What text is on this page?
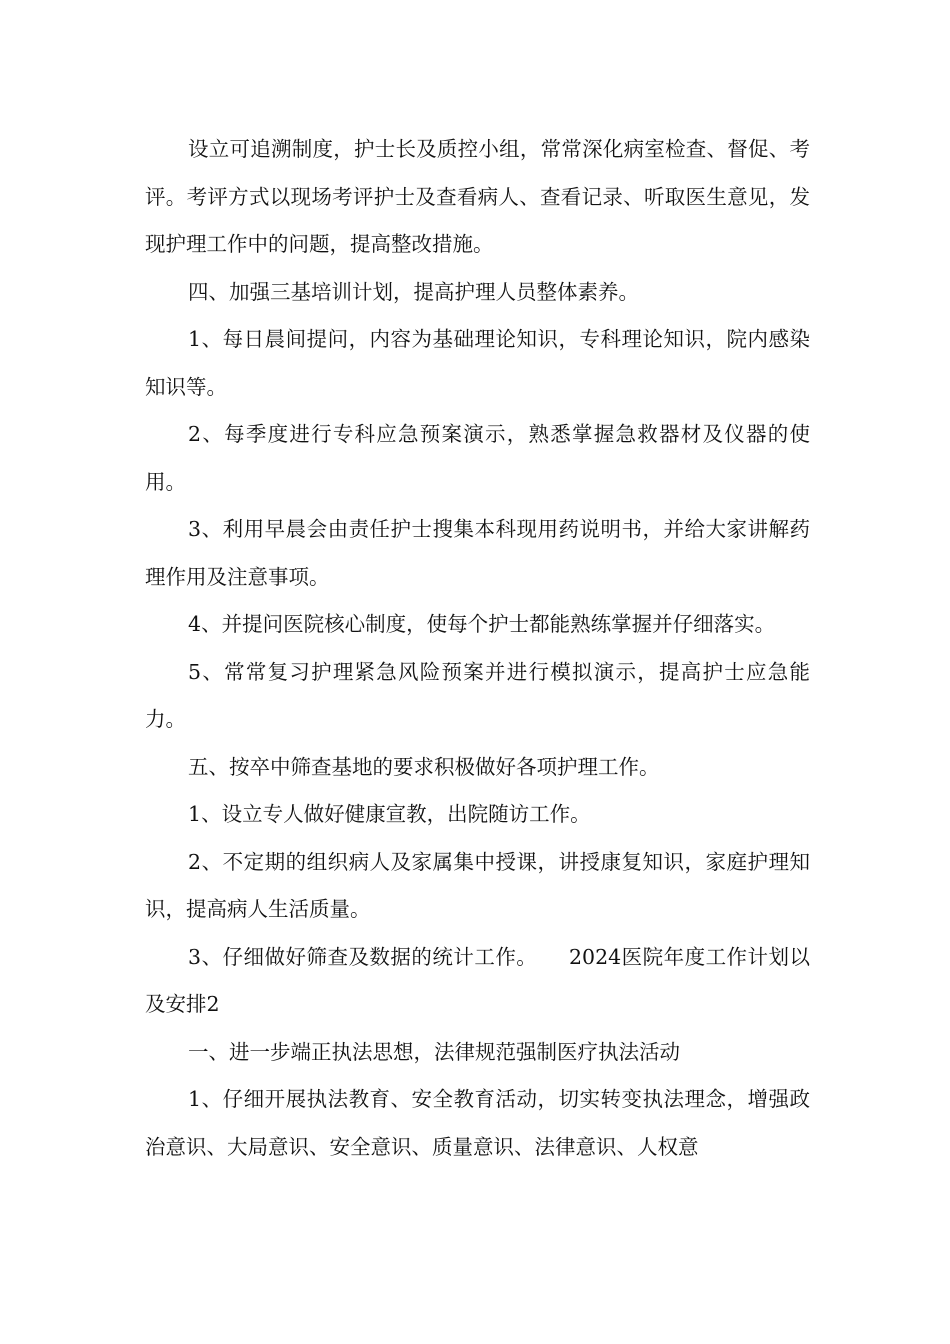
设立可追溯制度，护士长及质控小组，常常深化病室检查、督促、考评。考评方式以现场考评护士及查看病人、查看记录、听取医生意见，发现护理工作中的问题，提高整改措施。

四、加强三基培训计划，提高护理人员整体素养。

1、每日晨间提问，内容为基础理论知识，专科理论知识，院内感染知识等。

2、每季度进行专科应急预案演示，熟悉掌握急救器材及仪器的使用。

3、利用早晨会由责任护士搜集本科现用药说明书，并给大家讲解药理作用及注意事项。

4、并提问医院核心制度，使每个护士都能熟练掌握并仔细落实。

5、常常复习护理紧急风险预案并进行模拟演示，提高护士应急能力。

五、按卒中筛查基地的要求积极做好各项护理工作。

1、设立专人做好健康宣教，出院随访工作。

2、不定期的组织病人及家属集中授课，讲授康复知识，家庭护理知识，提高病人生活质量。

3、仔细做好筛查及数据的统计工作。　　2024医院年度工作计划以及安排2

一、进一步端正执法思想，法律规范强制医疗执法活动

1、仔细开展执法教育、安全教育活动，切实转变执法理念，增强政治意识、大局意识、安全意识、质量意识、法律意识、人权意
